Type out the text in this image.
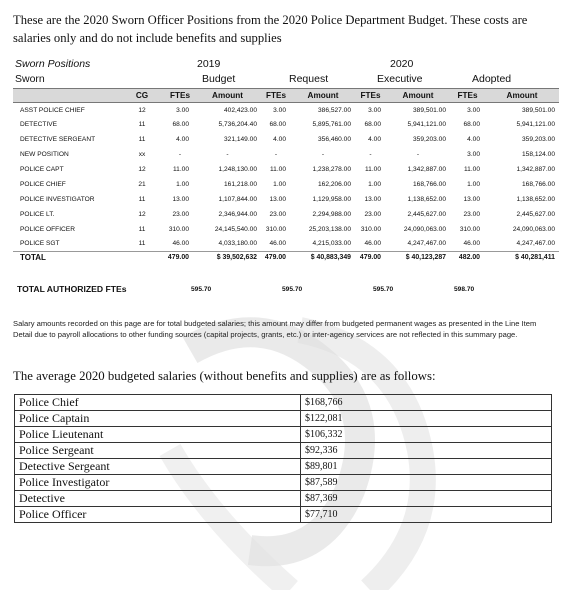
These are the 2020 Sworn Officer Positions from the 2020 Police Department Budget. These costs are salaries only and do not include benefits and supplies

Sworn Positions	2019	2020
Sworn	Budget	Request	Executive	Adopted
	CG	FTEs	Amount	FTEs	Amount	FTEs	Amount	FTEs	Amount
ASST POLICE CHIEF	12	3.00	402,423.00	3.00	386,527.00	3.00	389,501.00	3.00	389,501.00
DETECTIVE	11	68.00	5,736,204.40	68.00	5,895,761.00	68.00	5,941,121.00	68.00	5,941,121.00
DETECTIVE SERGEANT	11	4.00	321,149.00	4.00	356,460.00	4.00	359,203.00	4.00	359,203.00
NEW POSITION	xx	-	-	-	-	-	-	3.00	158,124.00
POLICE CAPT	12	11.00	1,248,130.00	11.00	1,238,278.00	11.00	1,342,887.00	11.00	1,342,887.00
POLICE CHIEF	21	1.00	161,218.00	1.00	162,206.00	1.00	168,766.00	1.00	168,766.00
POLICE INVESTIGATOR	11	13.00	1,107,844.00	13.00	1,129,958.00	13.00	1,138,652.00	13.00	1,138,652.00
POLICE LT.	12	23.00	2,346,944.00	23.00	2,294,988.00	23.00	2,445,627.00	23.00	2,445,627.00
POLICE OFFICER	11	310.00	24,145,540.00	310.00	25,203,138.00	310.00	24,090,063.00	310.00	24,090,063.00
POLICE SGT	11	46.00	4,033,180.00	46.00	4,215,033.00	46.00	4,247,467.00	46.00	4,247,467.00
TOTAL		479.00	$ 39,502,632	479.00	$ 40,883,349	479.00	$ 40,123,287	482.00	$ 40,281,411
TOTAL AUTHORIZED FTEs	595.70	595.70	595.70	598.70

Salary amounts recorded on this page are for total budgeted salaries; this amount may differ from budgeted permanent wages as presented in the Line Item Detail due to payroll allocations to other funding sources (capital projects, grants, etc.) or inter-agency services are not reflected in this summary page.

The average 2020 budgeted salaries (without benefits and supplies) are as follows:

Police Chief	$168,766
Police Captain	$122,081
Police Lieutenant	$106,332
Police Sergeant	$92,336
Detective Sergeant	$89,801
Police Investigator	$87,589
Detective	$87,369
Police Officer	$77,710
